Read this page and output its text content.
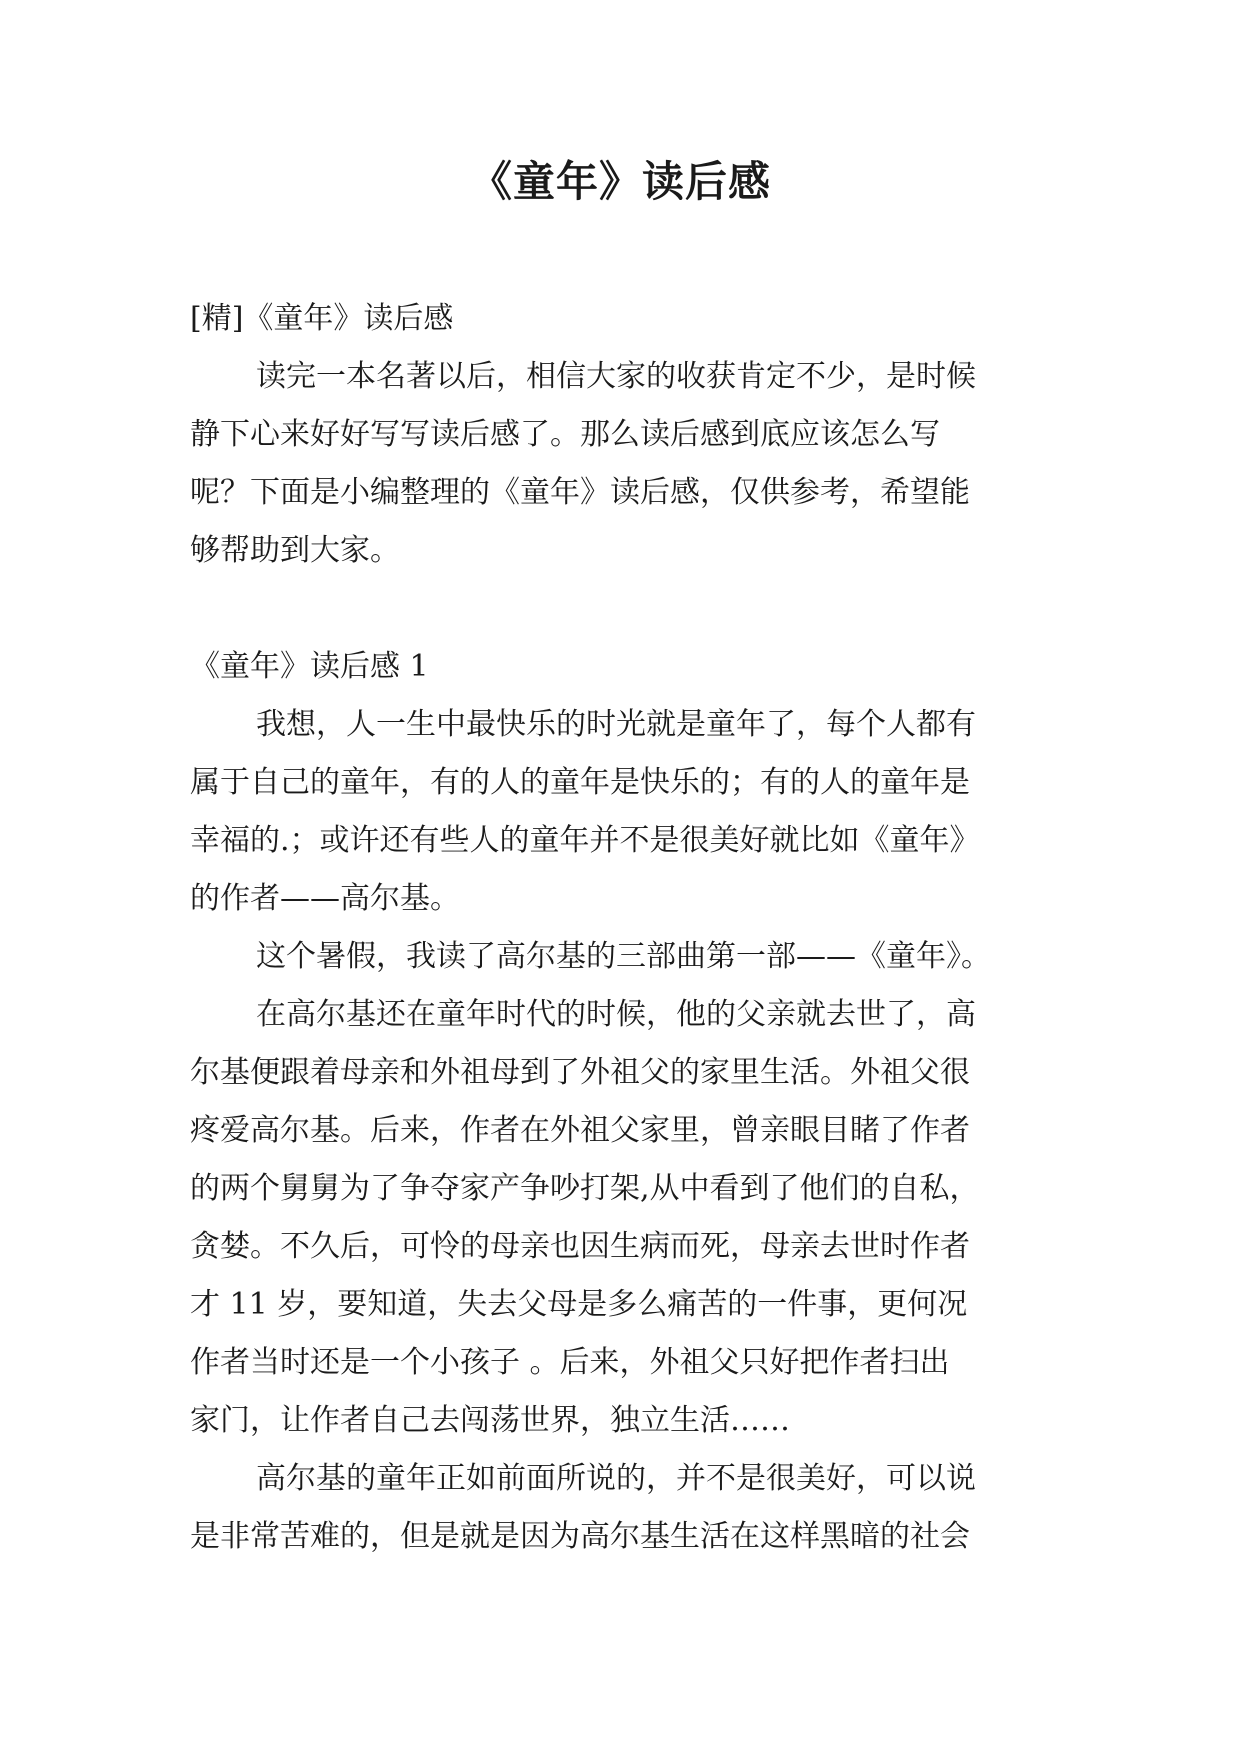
《童年》读后感
[精]《童年》读后感
读完一本名著以后，相信大家的收获肯定不少，是时候
静下心来好好写写读后感了。那么读后感到底应该怎么写
呢？下面是小编整理的《童年》读后感，仅供参考，希望能
够帮助到大家。
《童年》读后感 1
我想，人一生中最快乐的时光就是童年了，每个人都有
属于自己的童年，有的人的童年是快乐的；有的人的童年是
幸福的.；或许还有些人的童年并不是很美好就比如《童年》
的作者——高尔基。
这个暑假，我读了高尔基的三部曲第一部——《童年》。
在高尔基还在童年时代的时候，他的父亲就去世了，高
尔基便跟着母亲和外祖母到了外祖父的家里生活。外祖父很
疼爱高尔基。后来，作者在外祖父家里，曾亲眼目睹了作者
的两个舅舅为了争夺家产争吵打架,从中看到了他们的自私，
贪婪。不久后，可怜的母亲也因生病而死，母亲去世时作者
才 11 岁，要知道，失去父母是多么痛苦的一件事，更何况
作者当时还是一个小孩子 。后来，外祖父只好把作者扫出
家门，让作者自己去闯荡世界，独立生活……
高尔基的童年正如前面所说的，并不是很美好，可以说
是非常苦难的，但是就是因为高尔基生活在这样黑暗的社会
